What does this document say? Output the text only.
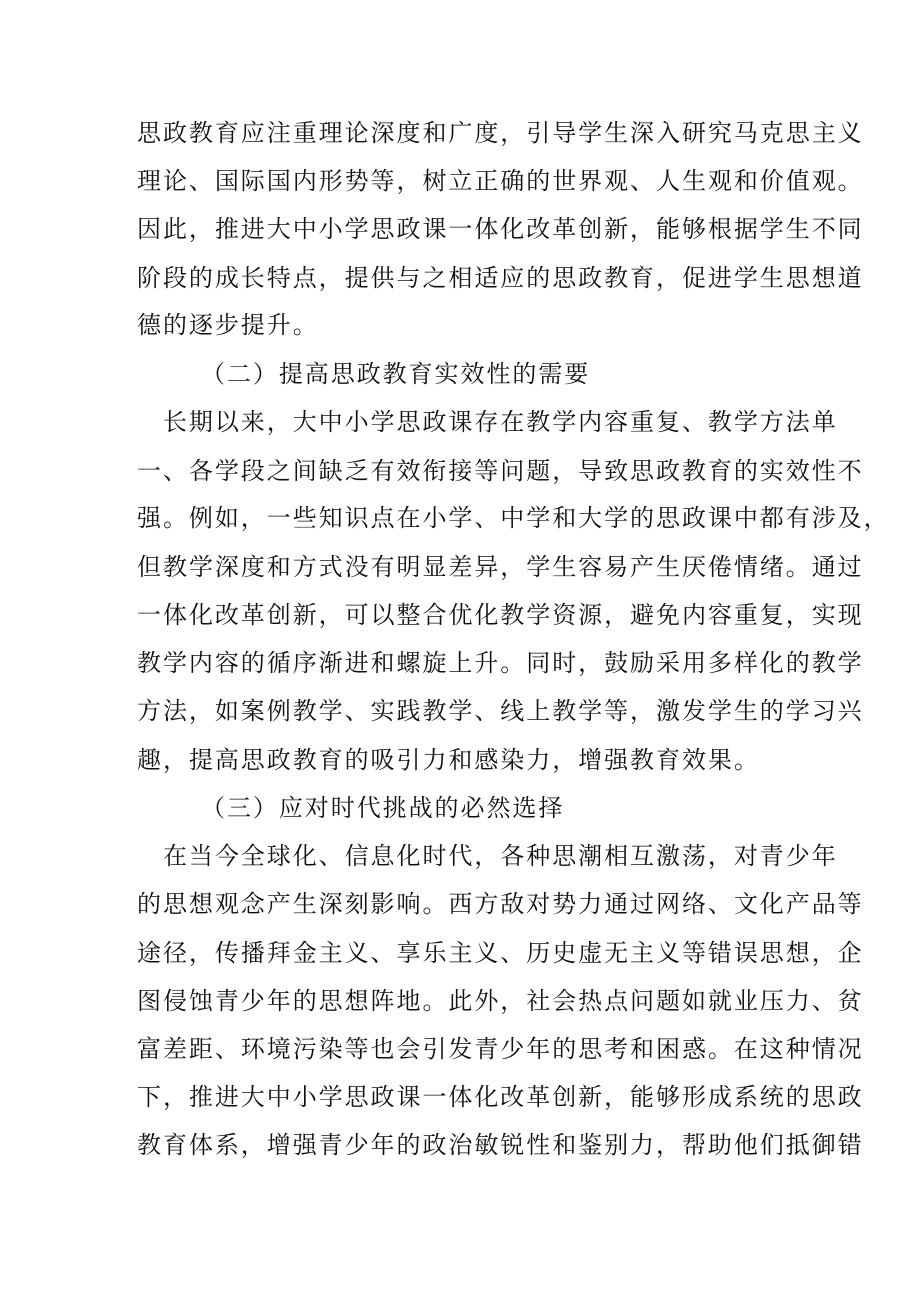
思政教育应注重理论深度和广度，引导学生深入研究马克思主义
理论、国际国内形势等，树立正确的世界观、人生观和价值观。
因此，推进大中小学思政课一体化改革创新，能够根据学生不同
阶段的成长特点，提供与之相适应的思政教育，促进学生思想道
德的逐步提升。
（二）提高思政教育实效性的需要
　长期以来，大中小学思政课存在教学内容重复、教学方法单
一、各学段之间缺乏有效衔接等问题，导致思政教育的实效性不
强。例如，一些知识点在小学、中学和大学的思政课中都有涉及，
但教学深度和方式没有明显差异，学生容易产生厌倦情绪。通过
一体化改革创新，可以整合优化教学资源，避免内容重复，实现
教学内容的循序渐进和螺旋上升。同时，鼓励采用多样化的教学
方法，如案例教学、实践教学、线上教学等，激发学生的学习兴
趣，提高思政教育的吸引力和感染力，增强教育效果。
（三）应对时代挑战的必然选择
　在当今全球化、信息化时代，各种思潮相互激荡，对青少年
的思想观念产生深刻影响。西方敌对势力通过网络、文化产品等
途径，传播拜金主义、享乐主义、历史虚无主义等错误思想，企
图侵蚀青少年的思想阵地。此外，社会热点问题如就业压力、贫
富差距、环境污染等也会引发青少年的思考和困惑。在这种情况
下，推进大中小学思政课一体化改革创新，能够形成系统的思政
教育体系，增强青少年的政治敏锐性和鉴别力，帮助他们抵御错
